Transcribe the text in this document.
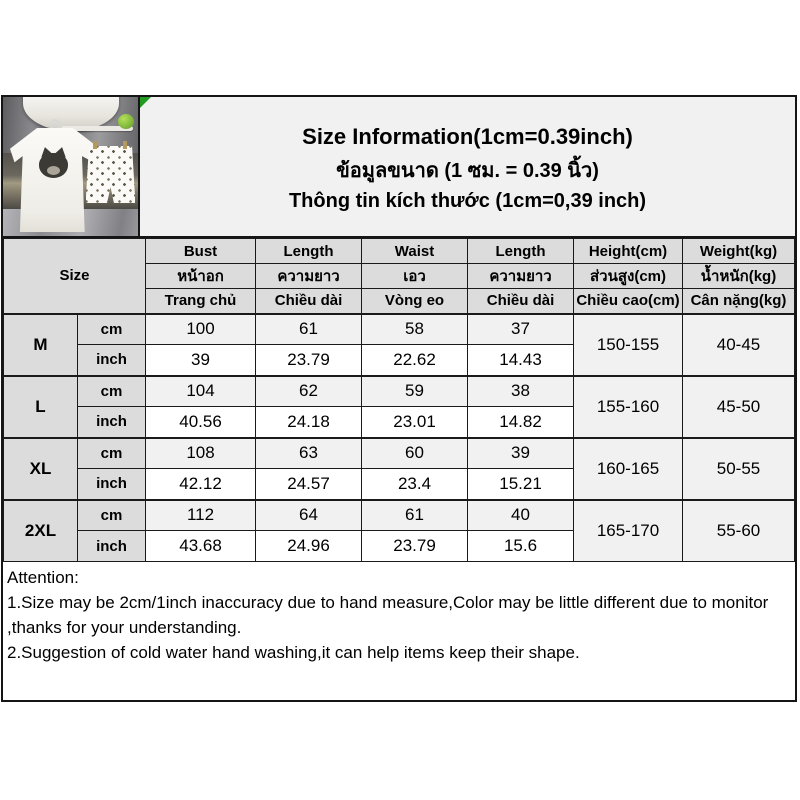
Size Information(1cm=0.39inch)
ข้อมูลขนาด (1 ซม. = 0.39 นิ้ว)
Thông tin kích thước (1cm=0,39 inch)
Size		Bust	Length	Waist	Length	Height(cm)	Weight(kg)
		หน้าอก	ความยาว	เอว	ความยาว	ส่วนสูง(cm)	น้ำหนัก(kg)
		Trang chủ	Chiều dài	Vòng eo	Chiều dài	Chiều cao(cm)	Cân nặng(kg)
M	cm	100	61	58	37	150-155	40-45
	inch	39	23.79	22.62	14.43		
L	cm	104	62	59	38	155-160	45-50
	inch	40.56	24.18	23.01	14.82		
XL	cm	108	63	60	39	160-165	50-55
	inch	42.12	24.57	23.4	15.21		
2XL	cm	112	64	61	40	165-170	55-60
	inch	43.68	24.96	23.79	15.6		
Attention:
1.Size may be 2cm/1inch inaccuracy due to hand measure,Color may be little different due to monitor ,thanks for your understanding.
2.Suggestion of cold water hand washing,it can help items keep their shape.
